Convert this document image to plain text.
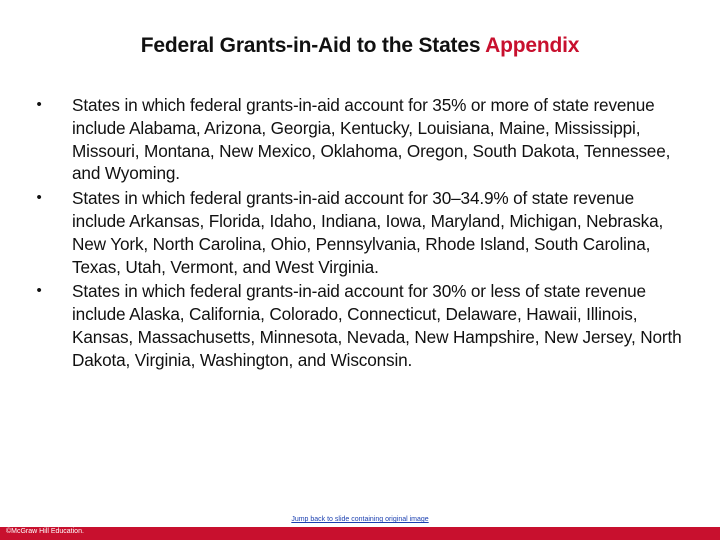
Federal Grants-in-Aid to the States Appendix
• States in which federal grants-in-aid account for 35% or more of state revenue include Alabama, Arizona, Georgia, Kentucky, Louisiana, Maine, Mississippi, Missouri, Montana, New Mexico, Oklahoma, Oregon, South Dakota, Tennessee, and Wyoming.
• States in which federal grants-in-aid account for 30–34.9% of state revenue include Arkansas, Florida, Idaho, Indiana, Iowa, Maryland, Michigan, Nebraska, New York, North Carolina, Ohio, Pennsylvania, Rhode Island, South Carolina, Texas, Utah, Vermont, and West Virginia.
• States in which federal grants-in-aid account for 30% or less of state revenue include Alaska, California, Colorado, Connecticut, Delaware, Hawaii, Illinois, Kansas, Massachusetts, Minnesota, Nevada, New Hampshire, New Jersey, North Dakota, Virginia, Washington, and Wisconsin.
Jump back to slide containing original image
©McGraw Hill Education.
